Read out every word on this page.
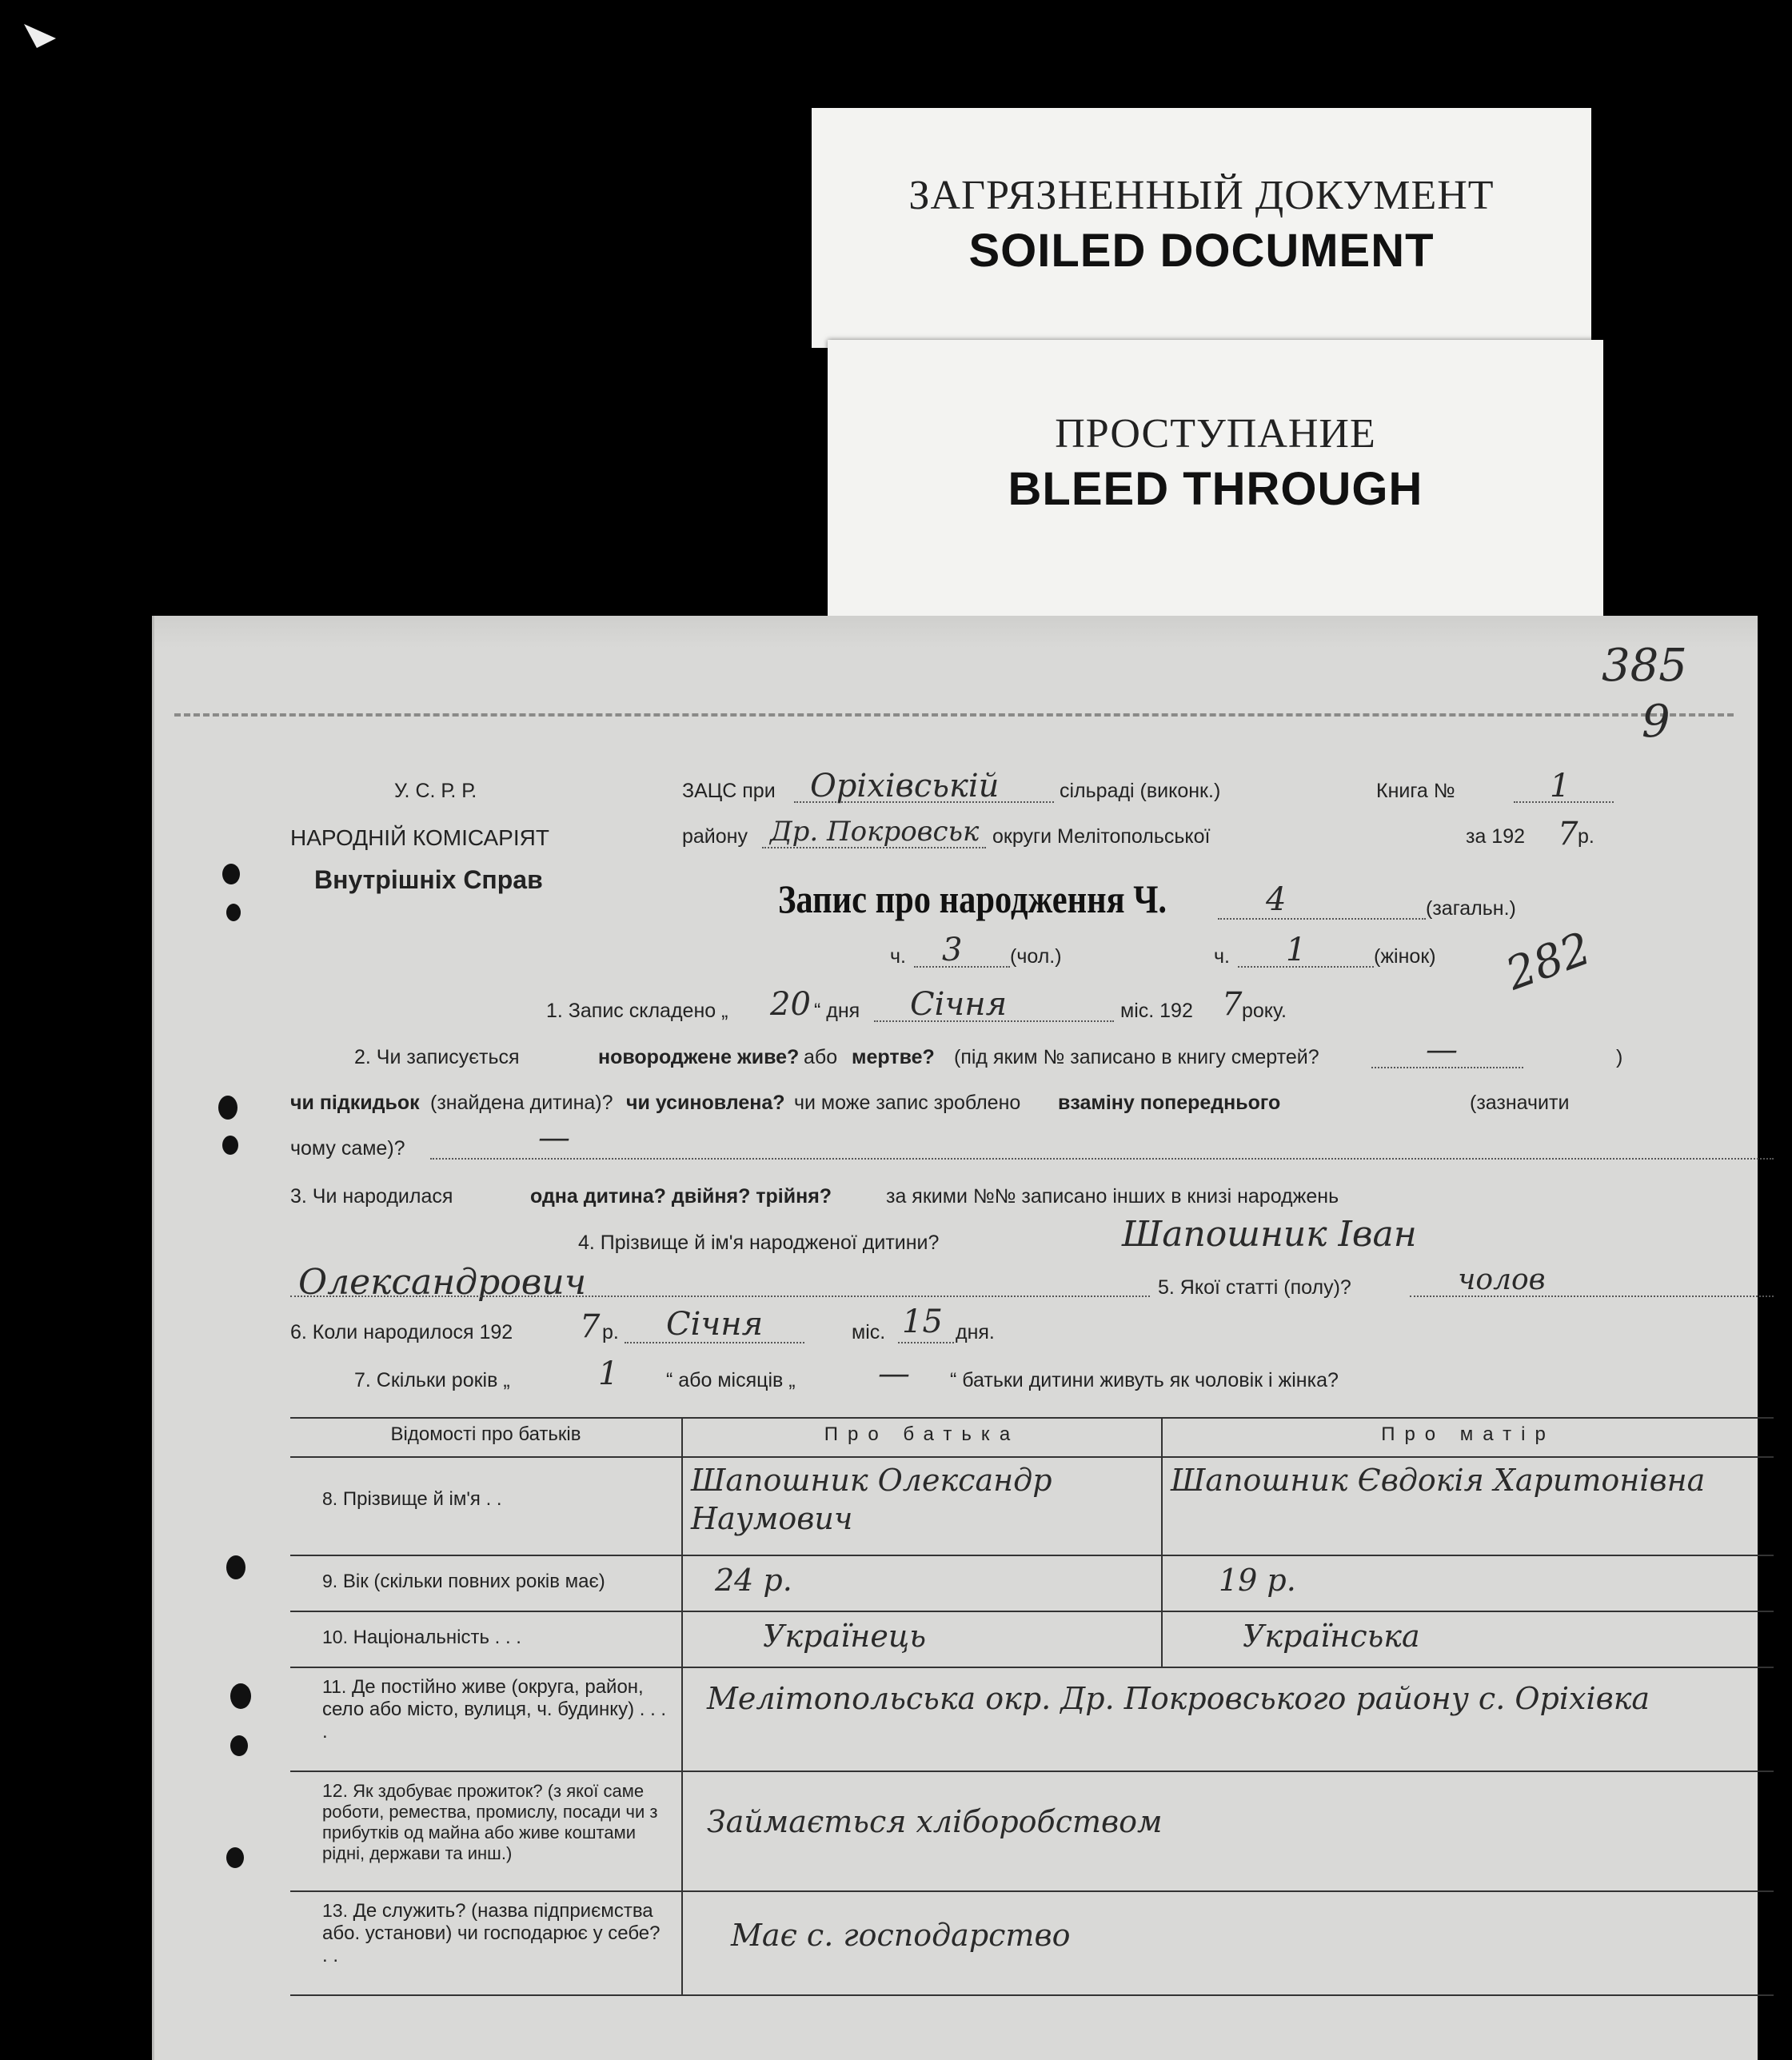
ЗАГРЯЗНЕННЫЙ ДОКУМЕНТ
SOILED DOCUMENT
ПРОСТУПАНИЕ
BLEED THROUGH
385
9
282
У. С. Р. Р.
НАРОДНІЙ КОМІСАРІЯТ
Внутрішніх Справ
ЗАЦС при Оріхівській	сільраді (виконк.)	Книга №	1
району Др. Покровськ округи Мелітопольської	за 192 7 р.
Запис про народження Ч.	4	(загальн.)
ч. 3 (чол.)	ч. 1	(жінок)
1. Запис складено „ 20 “ дня Січня	міс. 192 7 року.
2. Чи записується	новороджене живе? або мертве? (під яким № записано в книгу смертей?	—	)
чи підкидьок (знайдена дитина)? чи усиновлена? чи може запис зроблено взаміну попереднього	(зазначити
чому саме)?	—
3. Чи народилася	одна дитина? двійня? трійня?	за якими №№ записано інших в книзі народжень
4. Прізвище й ім'я народженої дитини?	Шапошник Іван
Олександрович	5. Якої статті (полу)?	чолов
6. Коли народилося 192 7 р. Січня	міс. 15 дня.
7. Скільки років „	1 “ або місяців „	— “ батьки дитини живуть як чоловік і жінка?
Відомості про батьків	Про батька	Про матір
8. Прізвище й ім'я . .	Шапошник Олександр Наумович	Шапошник Євдокія Харитонівна
9. Вік (скільки повних років має)	24 р.	19 р.
10. Національність . . .	Українець	Українська
11. Де постійно живе (округа, район, село або місто, вулиця, ч. будинку) . . . .	Мелітопольська окр. Др. Покровського району с. Оріхівка	
12. Як здобуває прожиток? (з якої саме роботи, ремества, промислу, посади чи з прибутків од майна або живе коштами рідні, держави та инш.)	Займається хліборобством	
13. Де служить? (назва підприємства або. установи) чи господарює у себе? . .	Має с. господарство	
